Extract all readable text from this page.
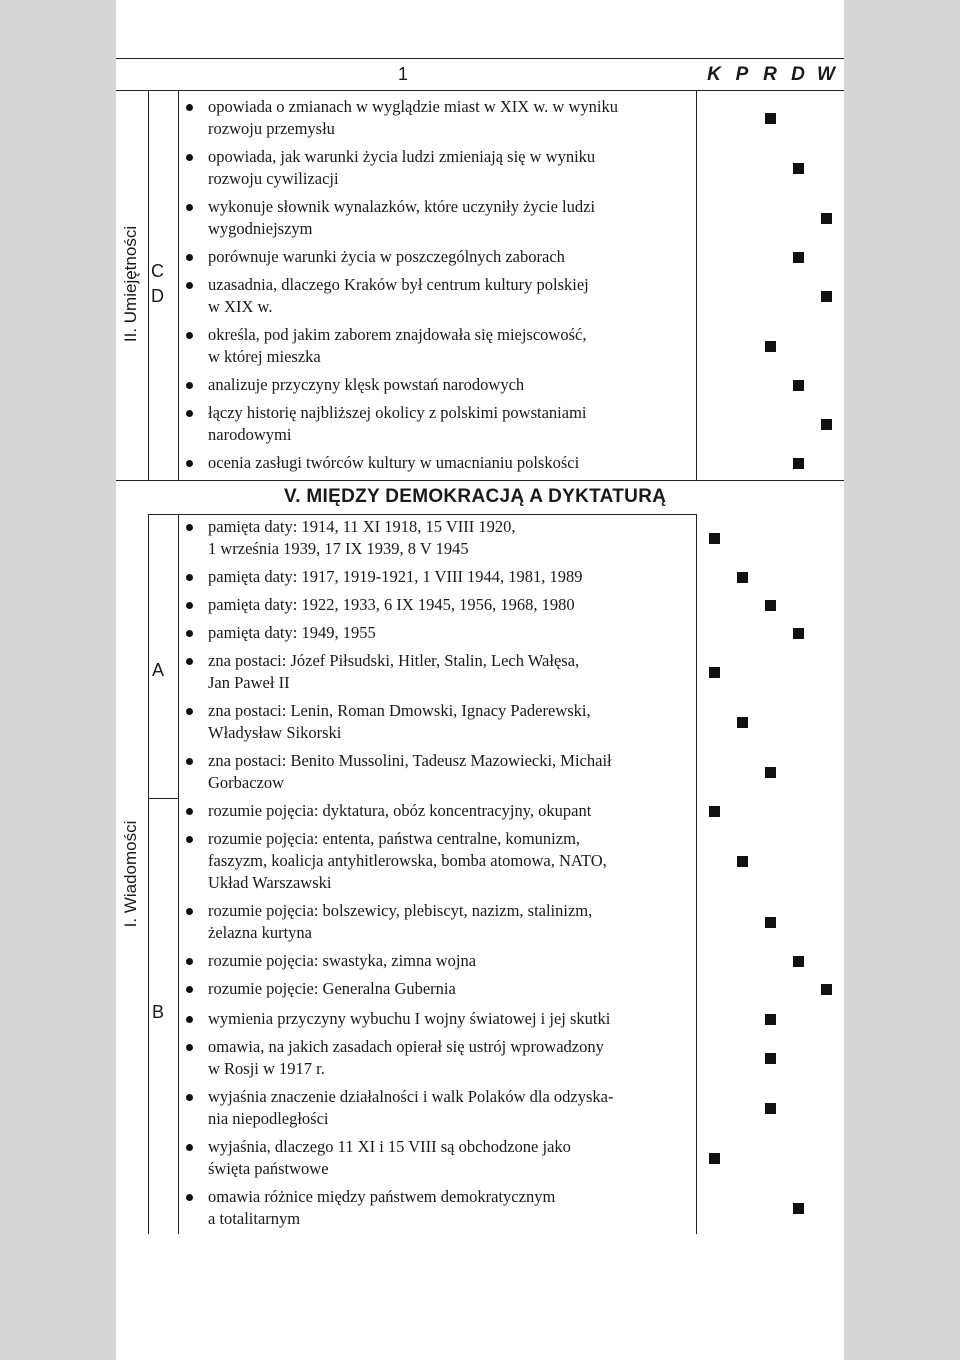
1	K P R D W
II. Umiejętności C
D
V. MIĘDZY DEMOKRACJĄ A DYKTATURĄ
I. Wiadomości
A
B
opowiada o zmianach w wyglądzie miast w XIX w. w wyniku
rozwoju przemysłu
opowiada, jak warunki życia ludzi zmieniają się w wyniku
rozwoju cywilizacji
wykonuje słownik wynalazków, które uczyniły życie ludzi
wygodniejszym
porównuje warunki życia w poszczególnych zaborach
uzasadnia, dlaczego Kraków był centrum kultury polskiej
w XIX w.
określa, pod jakim zaborem znajdowała się miejscowość,
w której mieszka
analizuje przyczyny klęsk powstań narodowych
łączy historię najbliższej okolicy z polskimi powstaniami
narodowymi
ocenia zasługi twórców kultury w umacnianiu polskości
pamięta daty: 1914, 11 XI 1918, 15 VIII 1920,
1 września 1939, 17 IX 1939, 8 V 1945
pamięta daty: 1917, 1919-1921, 1 VIII 1944, 1981, 1989
pamięta daty: 1922, 1933, 6 IX 1945, 1956, 1968, 1980
pamięta daty: 1949, 1955
zna postaci: Józef Piłsudski, Hitler, Stalin, Lech Wałęsa,
Jan Paweł II
zna postaci: Lenin, Roman Dmowski, Ignacy Paderewski,
Władysław Sikorski
zna postaci: Benito Mussolini, Tadeusz Mazowiecki, Michaił
Gorbaczow
rozumie pojęcia: dyktatura, obóz koncentracyjny, okupant
rozumie pojęcia: ententa, państwa centralne, komunizm,
faszyzm, koalicja antyhitlerowska, bomba atomowa, NATO,
Układ Warszawski
rozumie pojęcia: bolszewicy, plebiscyt, nazizm, stalinizm,
żelazna kurtyna
rozumie pojęcia: swastyka, zimna wojna
rozumie pojęcie: Generalna Gubernia
wymienia przyczyny wybuchu I wojny światowej i jej skutki
omawia, na jakich zasadach opierał się ustrój wprowadzony
w Rosji w 1917 r.
wyjaśnia znaczenie działalności i walk Polaków dla odzyska-
nia niepodległości
wyjaśnia, dlaczego 11 XI i 15 VIII są obchodzone jako
święta państwowe
omawia różnice między państwem demokratycznym
a totalitarnym
